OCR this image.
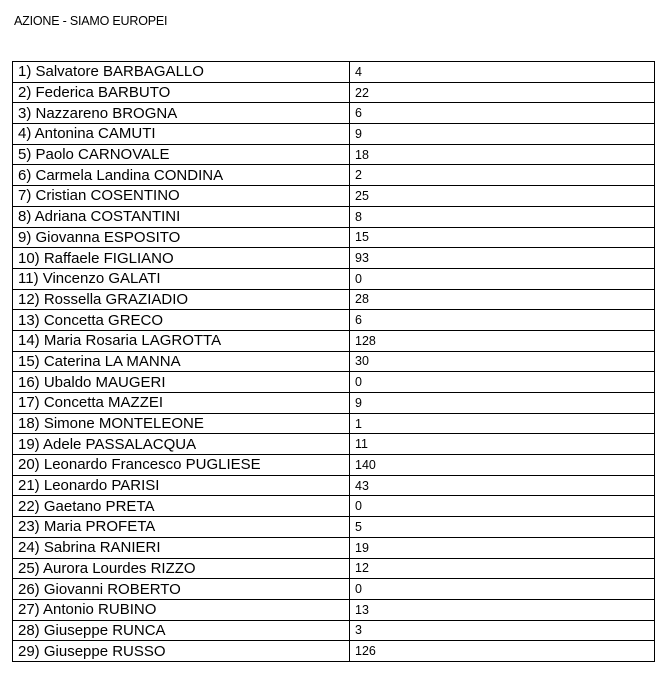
AZIONE - SIAMO EUROPEI
1) Salvatore BARBAGALLO	4
2) Federica BARBUTO	22
3) Nazzareno BROGNA	6
4) Antonina CAMUTI	9
5) Paolo CARNOVALE	18
6) Carmela Landina CONDINA	2
7) Cristian COSENTINO	25
8) Adriana COSTANTINI	8
9) Giovanna ESPOSITO	15
10) Raffaele FIGLIANO	93
11) Vincenzo GALATI	0
12) Rossella GRAZIADIO	28
13) Concetta GRECO	6
14) Maria Rosaria LAGROTTA	128
15) Caterina LA MANNA	30
16) Ubaldo MAUGERI	0
17) Concetta MAZZEI	9
18) Simone MONTELEONE	1
19) Adele PASSALACQUA	11
20) Leonardo Francesco PUGLIESE	140
21) Leonardo PARISI	43
22) Gaetano PRETA	0
23) Maria PROFETA	5
24) Sabrina RANIERI	19
25) Aurora Lourdes RIZZO	12
26) Giovanni ROBERTO	0
27) Antonio RUBINO	13
28) Giuseppe RUNCA	3
29) Giuseppe RUSSO	126
